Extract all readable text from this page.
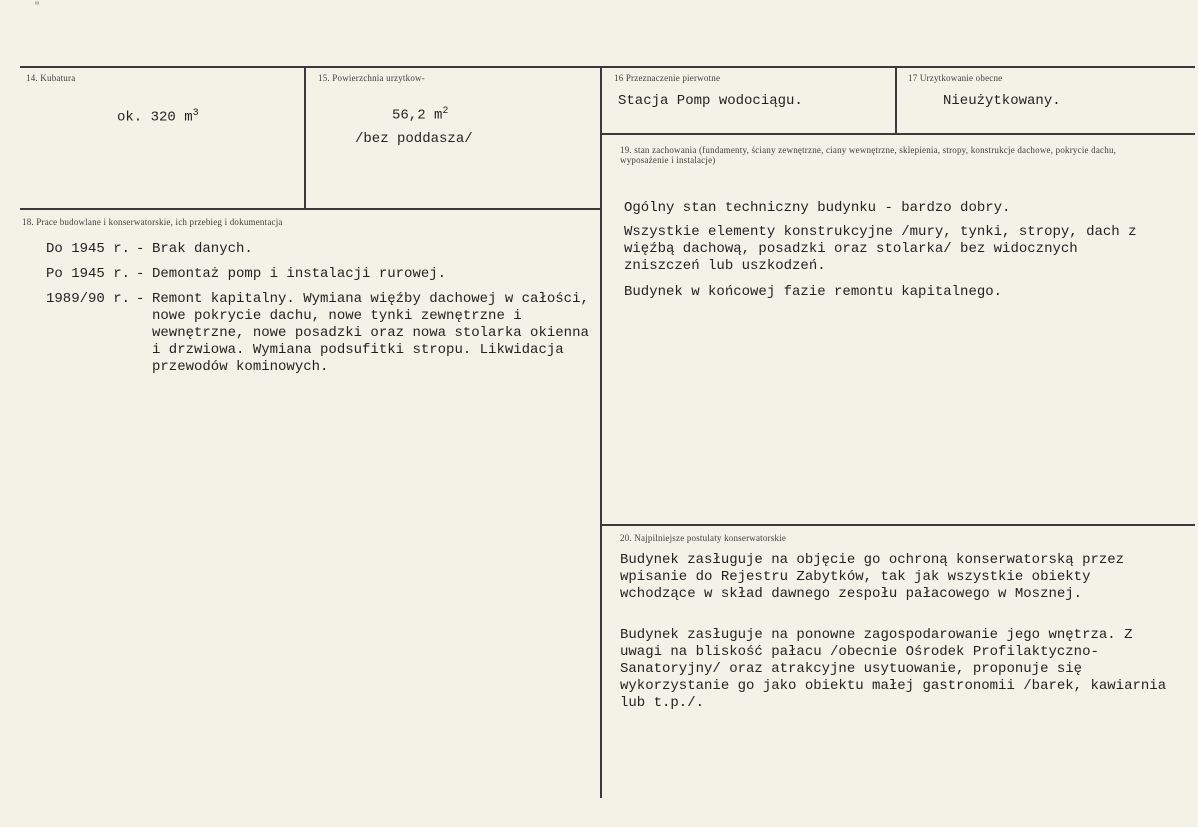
"
14. Kubatura
ok. 320 $m^3$
15. Powierzchnia urzytkow-
56,2 $m^2$
/bez poddasza/
16 Przeznaczenie pierwotne
Stacja Pomp wodociągu.
17 Urzytkowanie obecne
Nieużytkowany.
19. stan zachowania (fundamenty, ściany zewnętrzne, ciany wewnętrzne, sklepienia, stropy, konstrukcje dachowe, pokrycie dachu, wyposażenie i instalacje)
Ogólny stan techniczny budynku - bardzo dobry.
Wszystkie elementy konstrukcyjne /mury, tynki, stropy, dach z więźbą dachową, posadzki oraz stolarka/ bez widocznych zniszczeń lub uszkodzeń.
Budynek w końcowej fazie remontu kapitalnego.
18. Prace budowlane i konserwatorskie, ich przebieg i dokumentacja
Do 1945 r. - Brak danych.
Po 1945 r. - Demontaż pomp i instalacji rurowej.
1989/90 r. - Remont kapitalny. Wymiana więźby dachowej w całości, nowe pokrycie dachu, nowe tynki zewnętrzne i wewnętrzne, nowe posadzki oraz nowa stolarka okienna i drzwiowa. Wymiana podsufitki stropu. Likwidacja przewodów kominowych.
20. Najpilniejsze postulaty konserwatorskie
Budynek zasługuje na objęcie go ochroną konserwatorską przez wpisanie do Rejestru Zabytków, tak jak wszystkie obiekty wchodzące w skład dawnego zespołu pałacowego w Mosznej.
Budynek zasługuje na ponowne zagospodarowanie jego wnętrza. Z uwagi na bliskość pałacu /obecnie Ośrodek Profilaktyczno- Sanatoryjny/ oraz atrakcyjne usytuowanie, proponuje się wykorzystanie go jako obiektu małej gastronomii /barek, kawiarnia lub t.p./.
